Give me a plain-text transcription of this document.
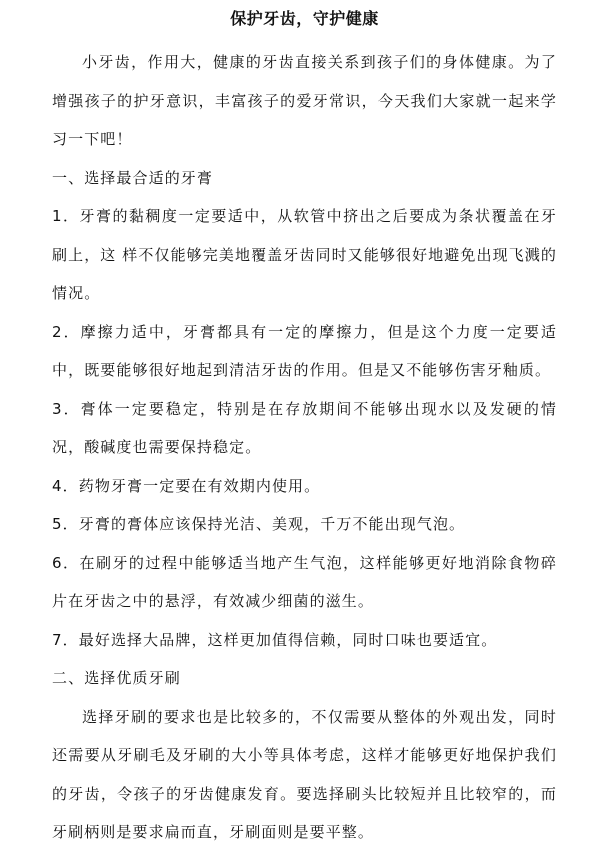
保护牙齿，守护健康

小牙齿，作用大，健康的牙齿直接关系到孩子们的身体健康。为了增强孩子的护牙意识，丰富孩子的爱牙常识，今天我们大家就一起来学习一下吧！

一、选择最合适的牙膏

1．牙膏的黏稠度一定要适中，从软管中挤出之后要成为条状覆盖在牙刷上，这 样不仅能够完美地覆盖牙齿同时又能够很好地避免出现飞溅的情况。

2．摩擦力适中，牙膏都具有一定的摩擦力，但是这个力度一定要适中，既要能够很好地起到清洁牙齿的作用。但是又不能够伤害牙釉质。

3．膏体一定要稳定，特别是在存放期间不能够出现水以及发硬的情况，酸碱度也需要保持稳定。

4．药物牙膏一定要在有效期内使用。

5．牙膏的膏体应该保持光洁、美观，千万不能出现气泡。

6．在刷牙的过程中能够适当地产生气泡，这样能够更好地消除食物碎片在牙齿之中的悬浮，有效减少细菌的滋生。

7．最好选择大品牌，这样更加值得信赖，同时口味也要适宜。

二、选择优质牙刷

选择牙刷的要求也是比较多的，不仅需要从整体的外观出发，同时还需要从牙刷毛及牙刷的大小等具体考虑，这样才能够更好地保护我们的牙齿，令孩子的牙齿健康发育。要选择刷头比较短并且比较窄的，而牙刷柄则是要求扁而直，牙刷面则是要平整。
